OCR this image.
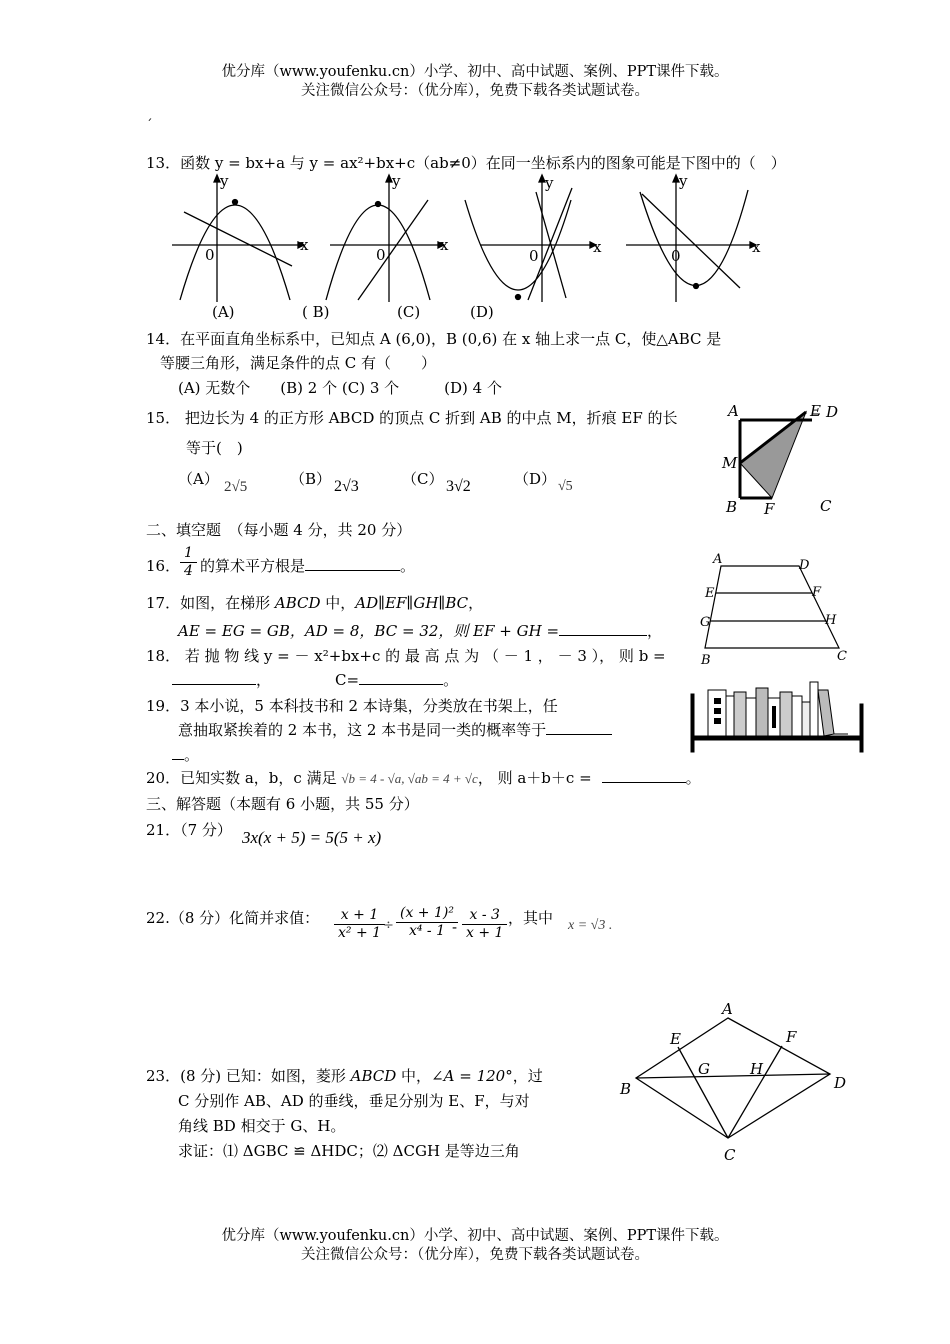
优分库（www.youfenku.cn）小学、初中、高中试题、案例、PPT课件下载。
关注微信公众号：（优分库），免费下载各类试题试卷。
ˊ
13．函数 y = bx+a 与 y = ax²+bx+c（ab≠0）在同一坐标系内的图象可能是下图中的（　）
y
x
0
y
x
0
y
x
0
y
x
0
(A)	( B)	(C)	(D)
14．在平面直角坐标系中，已知点 A (6,0)，B (0,6) 在 x 轴上求一点 C，使△ABC 是
等腰三角形，满足条件的点 C 有（　　）
(A) 无数个　　(B) 2 个 (C) 3 个　　　(D) 4 个
15． 把边长为 4 的正方形 ABCD 的顶点 C 折到 AB 的中点 M，折痕 EF 的长
等于(　)
（A） 2√5	（B） 2√3	（C） 3√2	（D） √5
A	E D
M
B F	C
二、填空题　（每小题 4 分，共 20 分）
16． $\frac{1}{4}$ 的算术平方根是	。
17．如图，在梯形 ABCD 中，AD∥EF∥GH∥BC，
AE = EG = GB，AD = 8，BC = 32，则 EF + GH =	，
A	D
E	F
G	H
B	C
18． 若 抛 物 线 y = － x²+bx+c 的 最 高 点 为 （ － 1 ， － 3 ）， 则 b =
，	C=	。
19．3 本小说，5 本科技书和 2 本诗集，分类放在书架上，任
意抽取紧挨着的 2 本书，这 2 本书是同一类的概率等于
。
20．已知实数 a，b，c 满足 √b = 4 - √a, √ab = 4 + √c， 则 a＋b＋c =	。
三、解答题（本题有 6 小题，共 55 分）
21．（7 分） 3x(x + 5) = 5(5 + x)
22.（8 分）化简并求值： $\frac{x + 1}{\text{x² + 1}}$
÷ $\frac{\text{(x + 1)²}}{\text{x⁴ - 1}}$
- $\frac{x - 3}{x + 1}$ ，其中 x = √3 .
23．(8 分) 已知：如图，菱形 ABCD 中，∠A = 120°，过
C 分别作 AB、AD 的垂线，垂足分别为 E、F，与对
角线 BD 相交于 G、H。
求证：⑴ ΔGBC ≌ ΔHDC；⑵ ΔCGH 是等边三角
A
E	F
G	H
B	D
C
优分库（www.youfenku.cn）小学、初中、高中试题、案例、PPT课件下载。
关注微信公众号：（优分库），免费下载各类试题试卷。
